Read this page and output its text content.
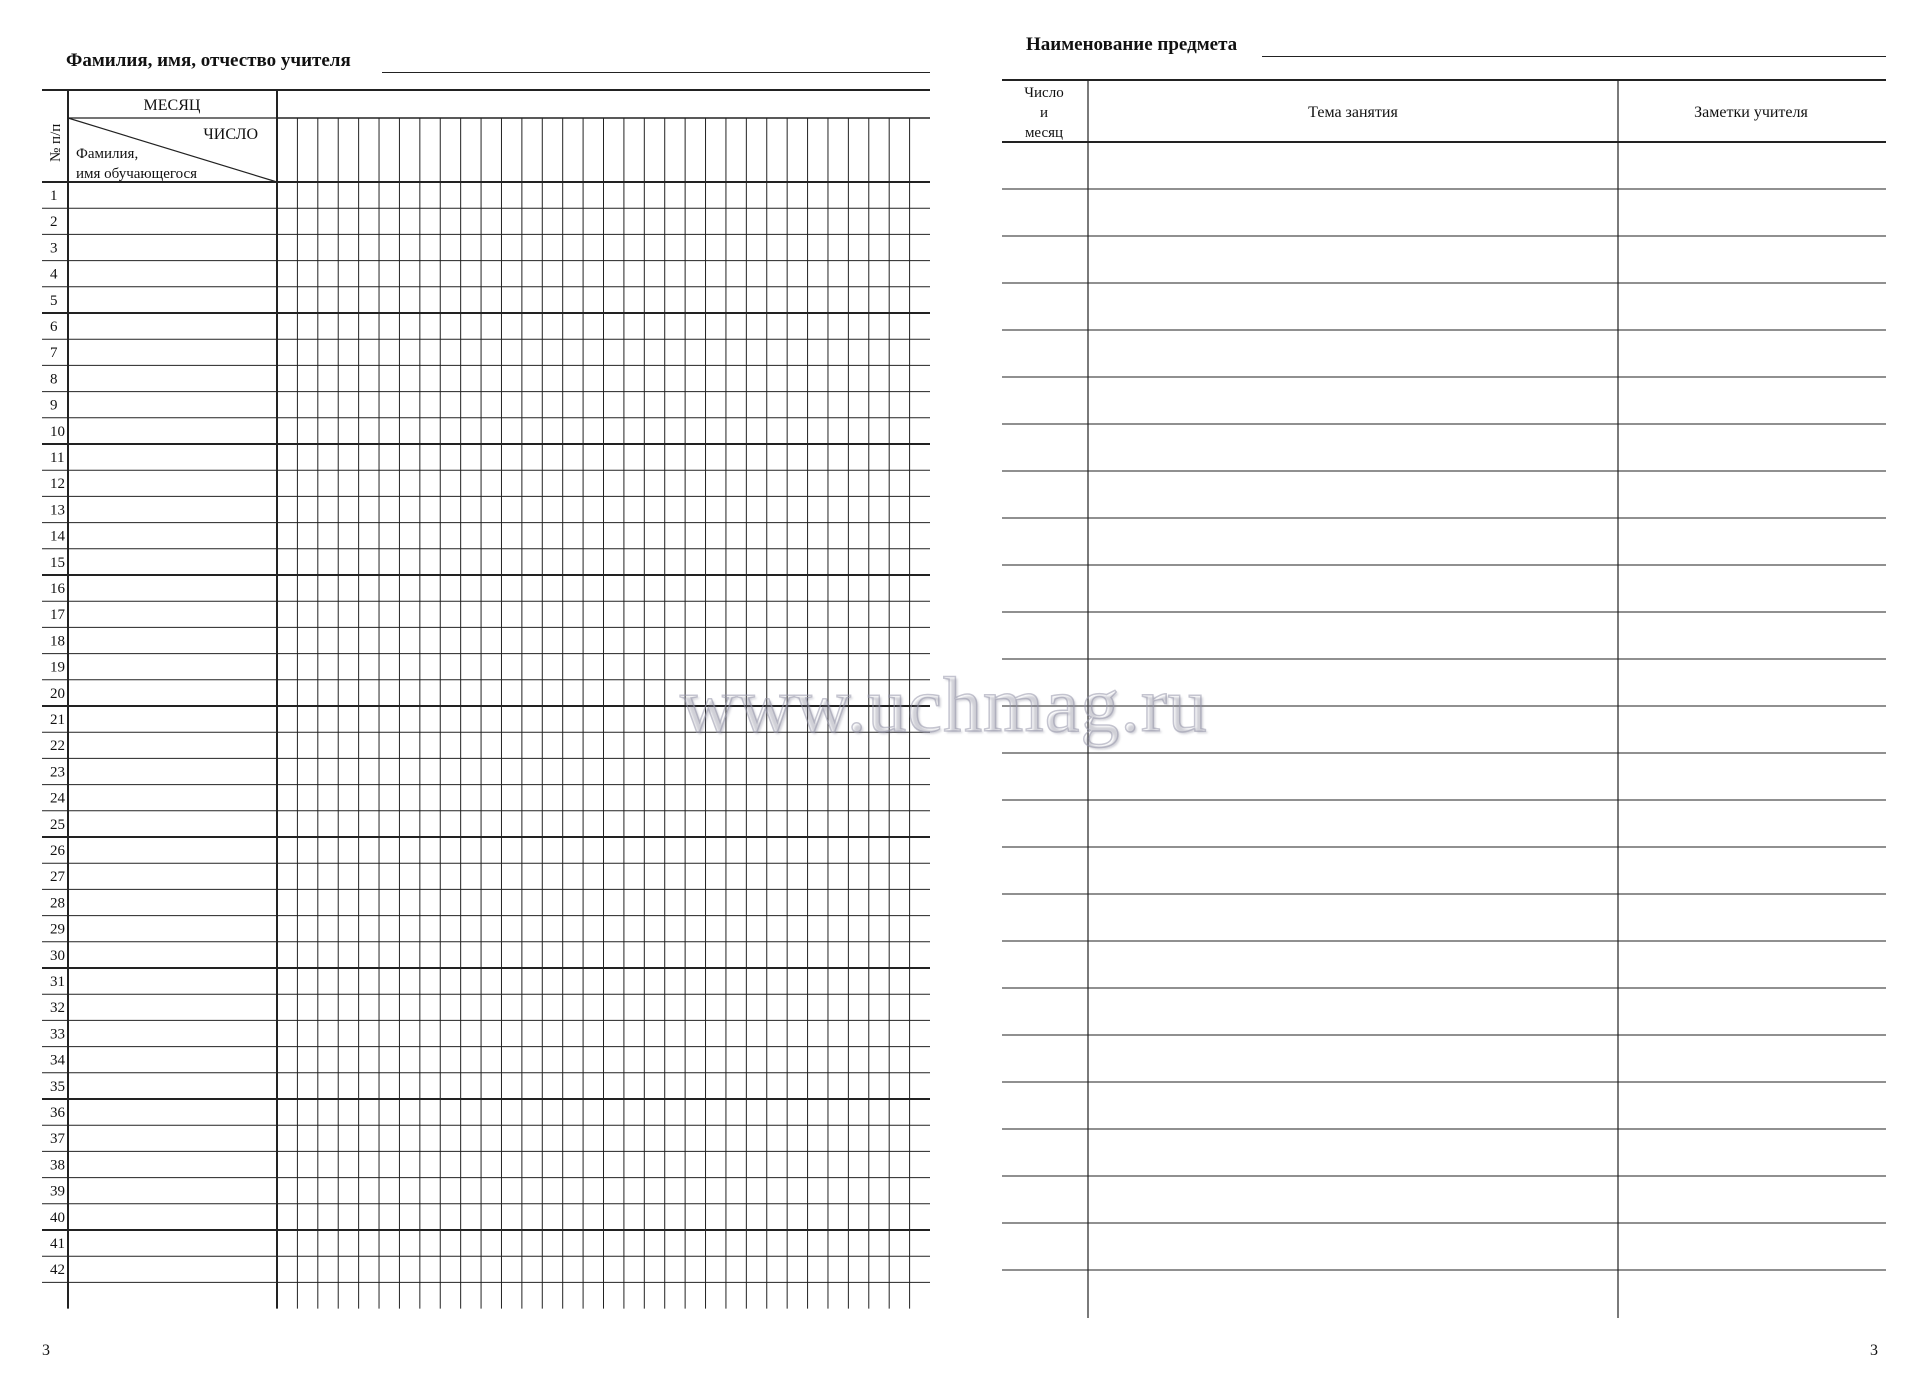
Фамилия, имя, отчество учителя
МЕСЯЦ
ЧИСЛО
Фамилия,
имя обучающегося
№ п/п
1
2
3
4
5
6
7
8
9
10
11
12
13
14
15
16
17
18
19
20
21
22
23
24
25
26
27
28
29
30
31
32
33
34
35
36
37
38
39
40
41
42
Наименование предмета
Число
и
месяц
Тема занятия	Заметки учителя
3	3
www.uchmag.ru
